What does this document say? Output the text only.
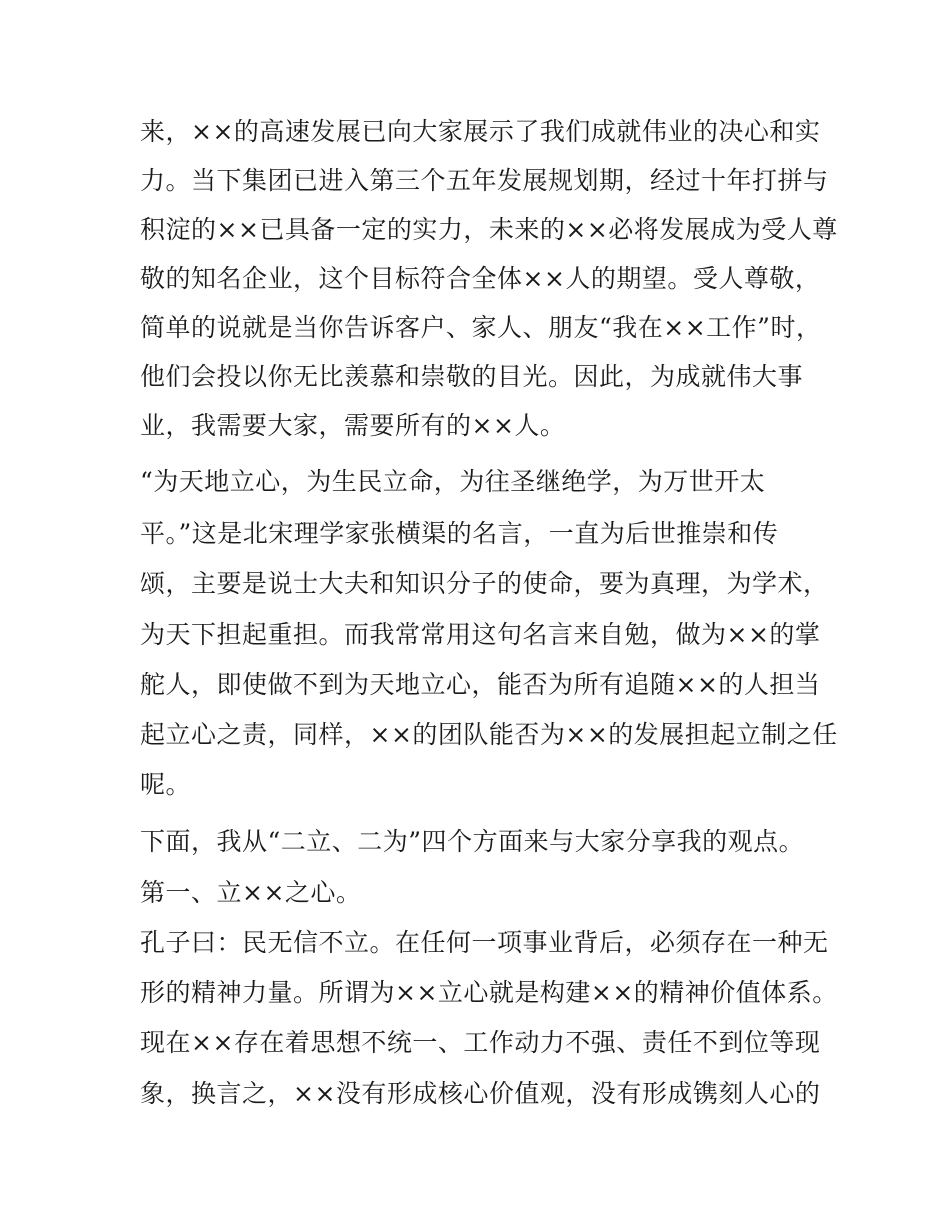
来，××的高速发展已向大家展示了我们成就伟业的决心和实
力。当下集团已进入第三个五年发展规划期，经过十年打拼与
积淀的××已具备一定的实力，未来的××必将发展成为受人尊
敬的知名企业，这个目标符合全体××人的期望。受人尊敬，
简单的说就是当你告诉客户、家人、朋友“我在××工作”时，
他们会投以你无比羡慕和崇敬的目光。因此，为成就伟大事
业，我需要大家，需要所有的××人。
“为天地立心，为生民立命，为往圣继绝学，为万世开太
平。”这是北宋理学家张横渠的名言，一直为后世推崇和传
颂，主要是说士大夫和知识分子的使命，要为真理，为学术，
为天下担起重担。而我常常用这句名言来自勉，做为××的掌
舵人，即使做不到为天地立心，能否为所有追随××的人担当
起立心之责，同样，××的团队能否为××的发展担起立制之任
呢。
下面，我从“二立、二为”四个方面来与大家分享我的观点。
第一、立××之心。
孔子曰：民无信不立。在任何一项事业背后，必须存在一种无
形的精神力量。所谓为××立心就是构建××的精神价值体系。
现在××存在着思想不统一、工作动力不强、责任不到位等现
象，换言之，××没有形成核心价值观，没有形成镌刻人心的
